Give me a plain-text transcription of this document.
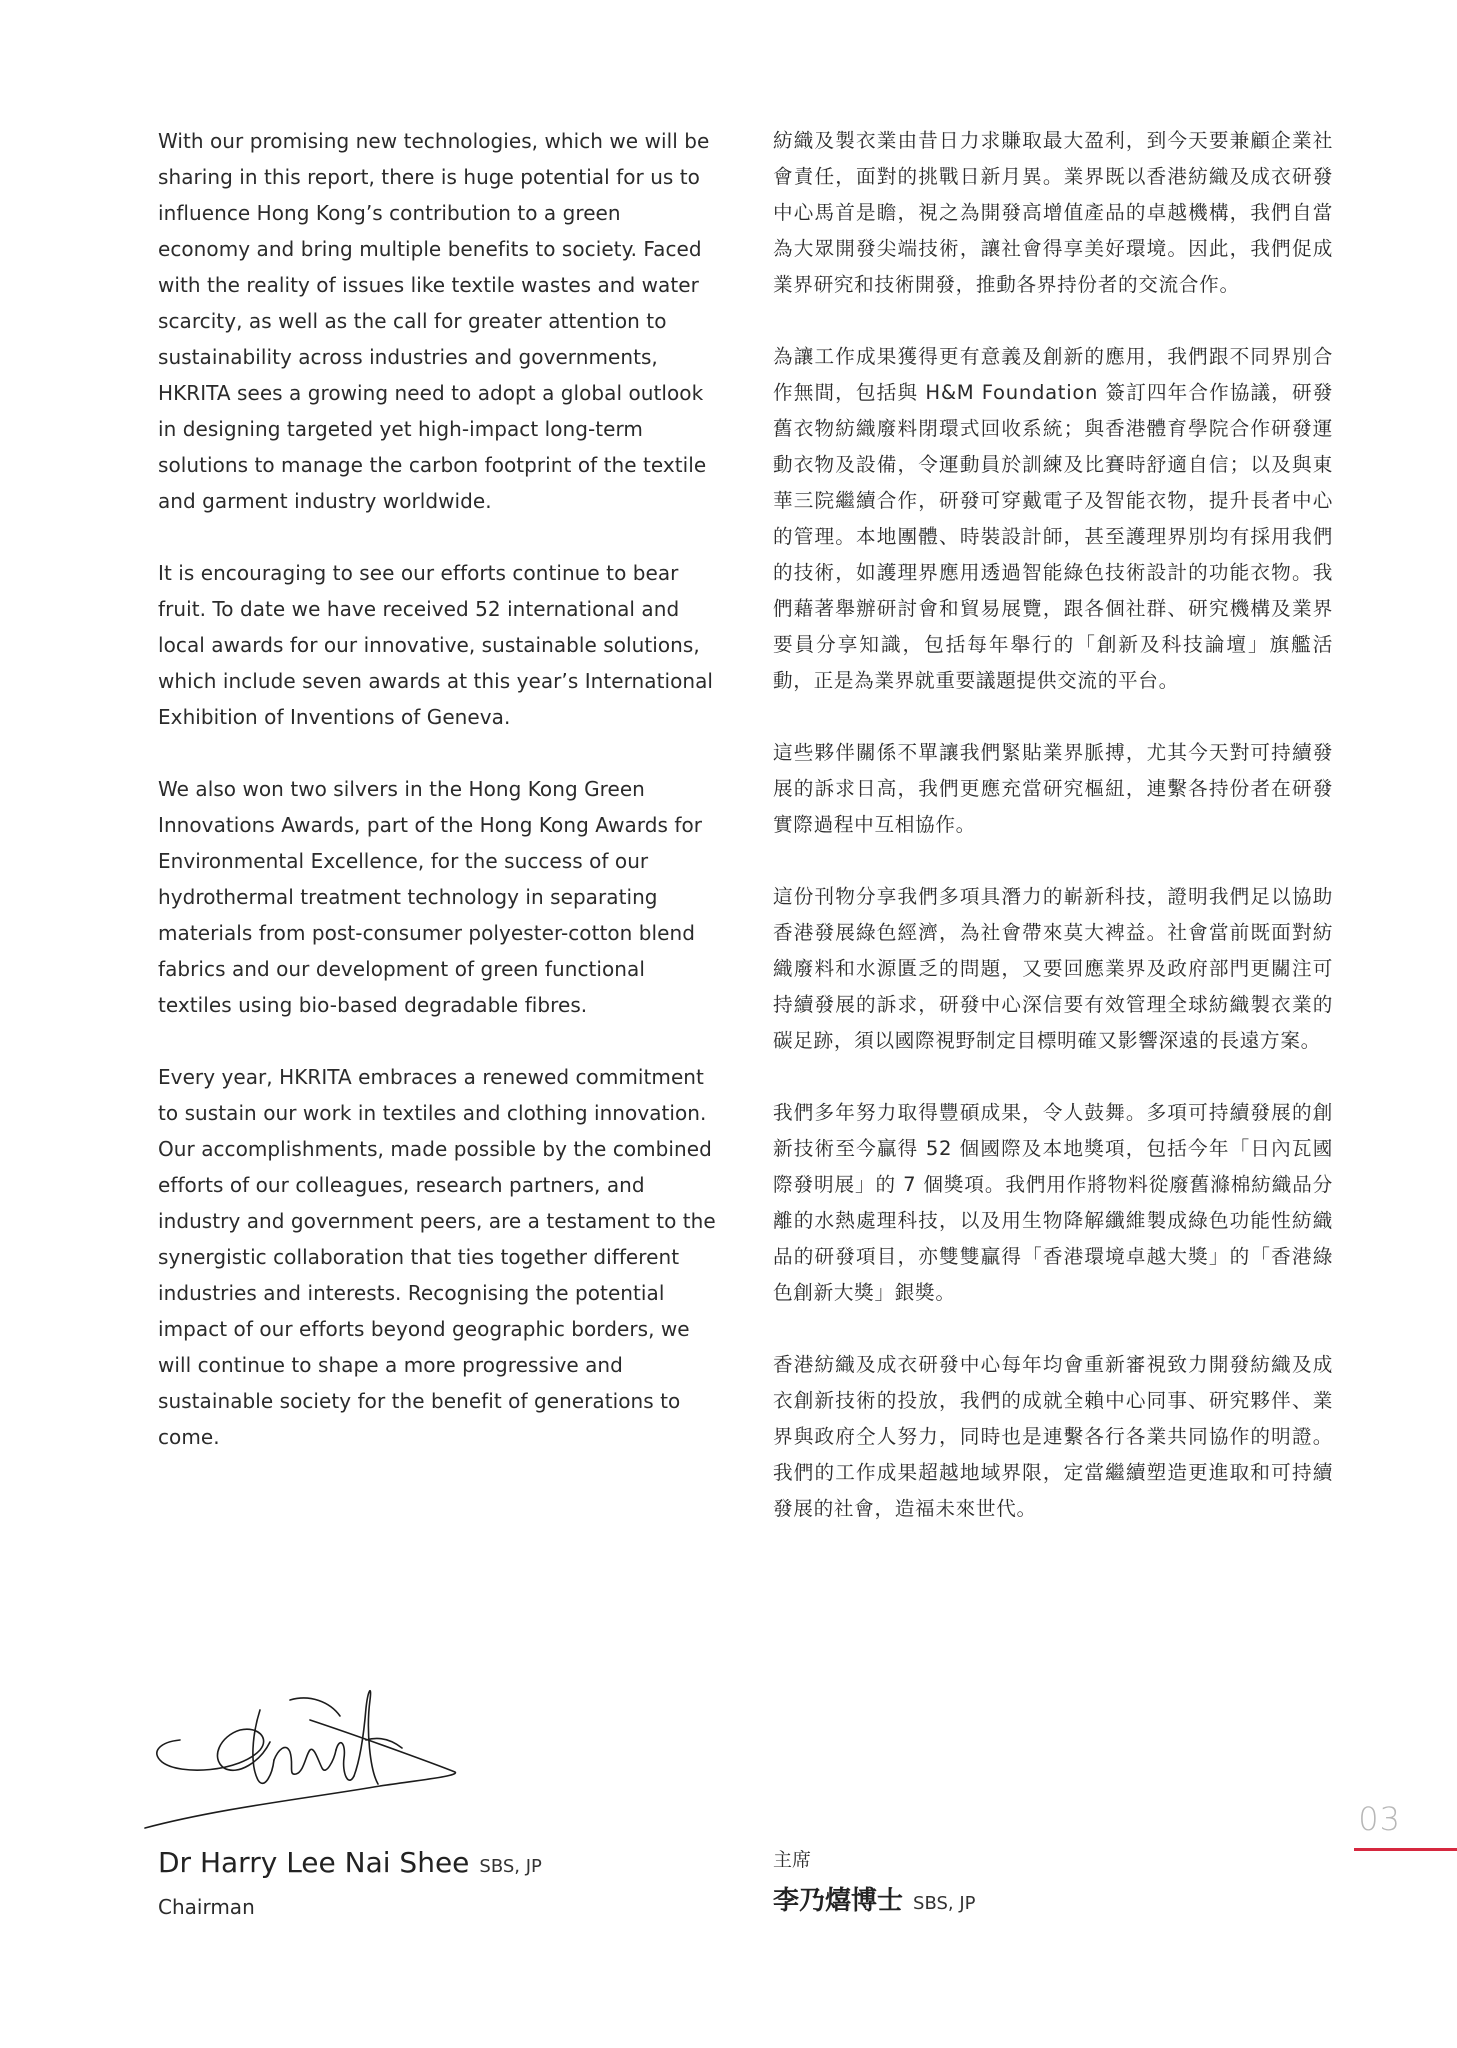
With our promising new technologies, which we will be sharing in this report, there is huge potential for us to influence Hong Kong’s contribution to a green economy and bring multiple benefits to society. Faced with the reality of issues like textile wastes and water scarcity, as well as the call for greater attention to sustainability across industries and governments, HKRITA sees a growing need to adopt a global outlook in designing targeted yet high-impact long-term solutions to manage the carbon footprint of the textile and garment industry worldwide.

It is encouraging to see our efforts continue to bear fruit. To date we have received 52 international and local awards for our innovative, sustainable solutions, which include seven awards at this year’s International Exhibition of Inventions of Geneva.

We also won two silvers in the Hong Kong Green Innovations Awards, part of the Hong Kong Awards for Environmental Excellence, for the success of our hydrothermal treatment technology in separating materials from post-consumer polyester-cotton blend fabrics and our development of green functional textiles using bio-based degradable fibres.

Every year, HKRITA embraces a renewed commitment to sustain our work in textiles and clothing innovation. Our accomplishments, made possible by the combined efforts of our colleagues, research partners, and industry and government peers, are a testament to the synergistic collaboration that ties together different industries and interests. Recognising the potential impact of our efforts beyond geographic borders, we will continue to shape a more progressive and sustainable society for the benefit of generations to come.

紡織及製衣業由昔日力求賺取最大盈利，到今天要兼顧企業社會責任，面對的挑戰日新月異。業界既以香港紡織及成衣研發中心馬首是瞻，視之為開發高增值產品的卓越機構，我們自當為大眾開發尖端技術，讓社會得享美好環境。因此，我們促成業界研究和技術開發，推動各界持份者的交流合作。

為讓工作成果獲得更有意義及創新的應用，我們跟不同界別合作無間，包括與 H&M Foundation 簽訂四年合作協議，研發舊衣物紡織廢料閉環式回收系統；與香港體育學院合作研發運動衣物及設備，令運動員於訓練及比賽時舒適自信；以及與東華三院繼續合作，研發可穿戴電子及智能衣物，提升長者中心的管理。本地團體、時裝設計師，甚至護理界別均有採用我們的技術，如護理界應用透過智能綠色技術設計的功能衣物。我們藉著舉辦研討會和貿易展覽，跟各個社群、研究機構及業界要員分享知識，包括每年舉行的「創新及科技論壇」旗艦活動，正是為業界就重要議題提供交流的平台。

這些夥伴關係不單讓我們緊貼業界脈搏，尤其今天對可持續發展的訴求日高，我們更應充當研究樞紐，連繫各持份者在研發實際過程中互相協作。

這份刊物分享我們多項具潛力的嶄新科技，證明我們足以協助香港發展綠色經濟，為社會帶來莫大裨益。社會當前既面對紡織廢料和水源匱乏的問題，又要回應業界及政府部門更關注可持續發展的訴求，研發中心深信要有效管理全球紡織製衣業的碳足跡，須以國際視野制定目標明確又影響深遠的長遠方案。

我們多年努力取得豐碩成果，令人鼓舞。多項可持續發展的創新技術至今贏得 52 個國際及本地獎項，包括今年「日內瓦國際發明展」的 7 個獎項。我們用作將物料從廢舊滌棉紡織品分離的水熱處理科技，以及用生物降解纖維製成綠色功能性紡織品的研發項目，亦雙雙贏得「香港環境卓越大獎」的「香港綠色創新大獎」銀獎。

香港紡織及成衣研發中心每年均會重新審視致力開發紡織及成衣創新技術的投放，我們的成就全賴中心同事、研究夥伴、業界與政府仝人努力，同時也是連繫各行各業共同協作的明證。我們的工作成果超越地域界限，定當繼續塑造更進取和可持續發展的社會，造福未來世代。

Dr Harry Lee Nai Shee SBS, JP
Chairman
主席
李乃熺博士 SBS, JP
03
